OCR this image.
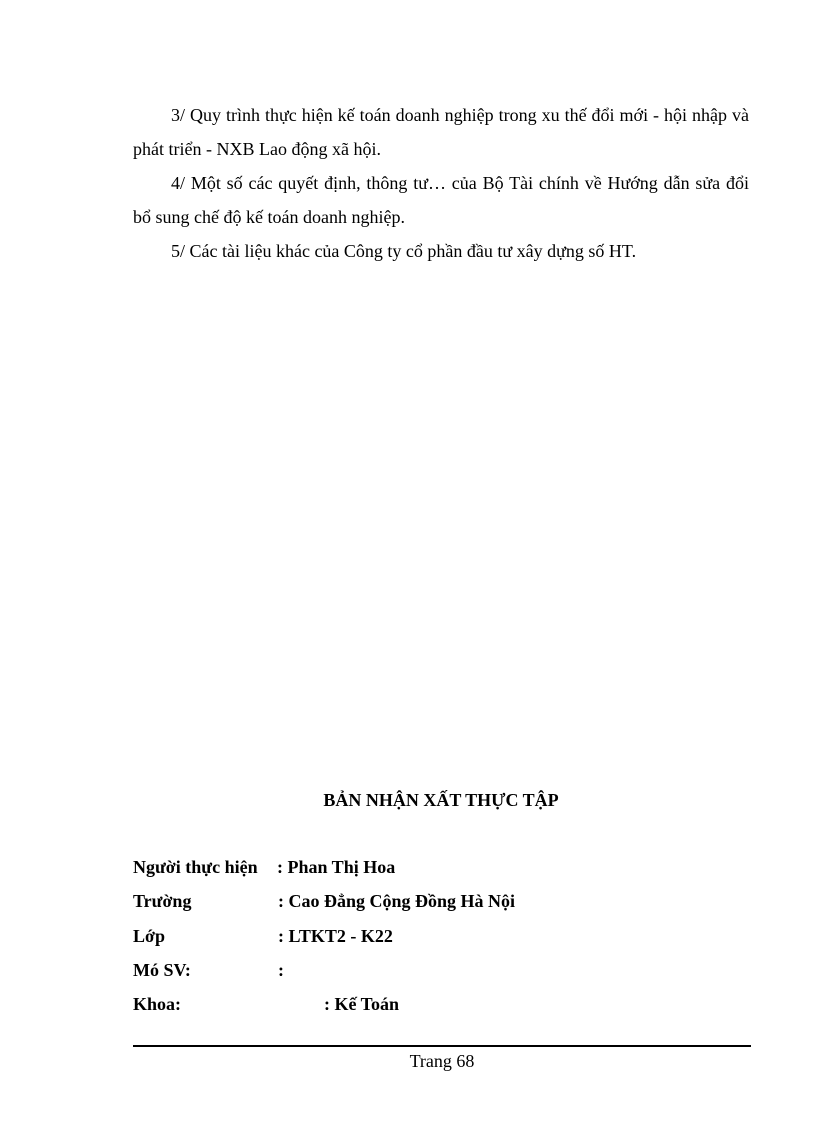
3/ Quy trình thực hiện kế toán doanh nghiệp trong xu thế đổi mới - hội nhập và phát triển - NXB Lao động xã hội.

4/ Một số các quyết định, thông tư… của Bộ Tài chính về Hướng dẫn sửa đổi bổ sung chế độ kế toán doanh nghiệp.

5/ Các tài liệu khác của Công ty cổ phần đầu tư xây dựng số HT.

BẢN NHẬN XẤT THỰC TẬP
Người thực hiện : Phan Thị Hoa
Trường	: Cao Đẳng Cộng Đồng Hà Nội
Lớp	: LTKT2 - K22
Mó SV:	:
Khoa:	: Kế Toán
Trang 68
